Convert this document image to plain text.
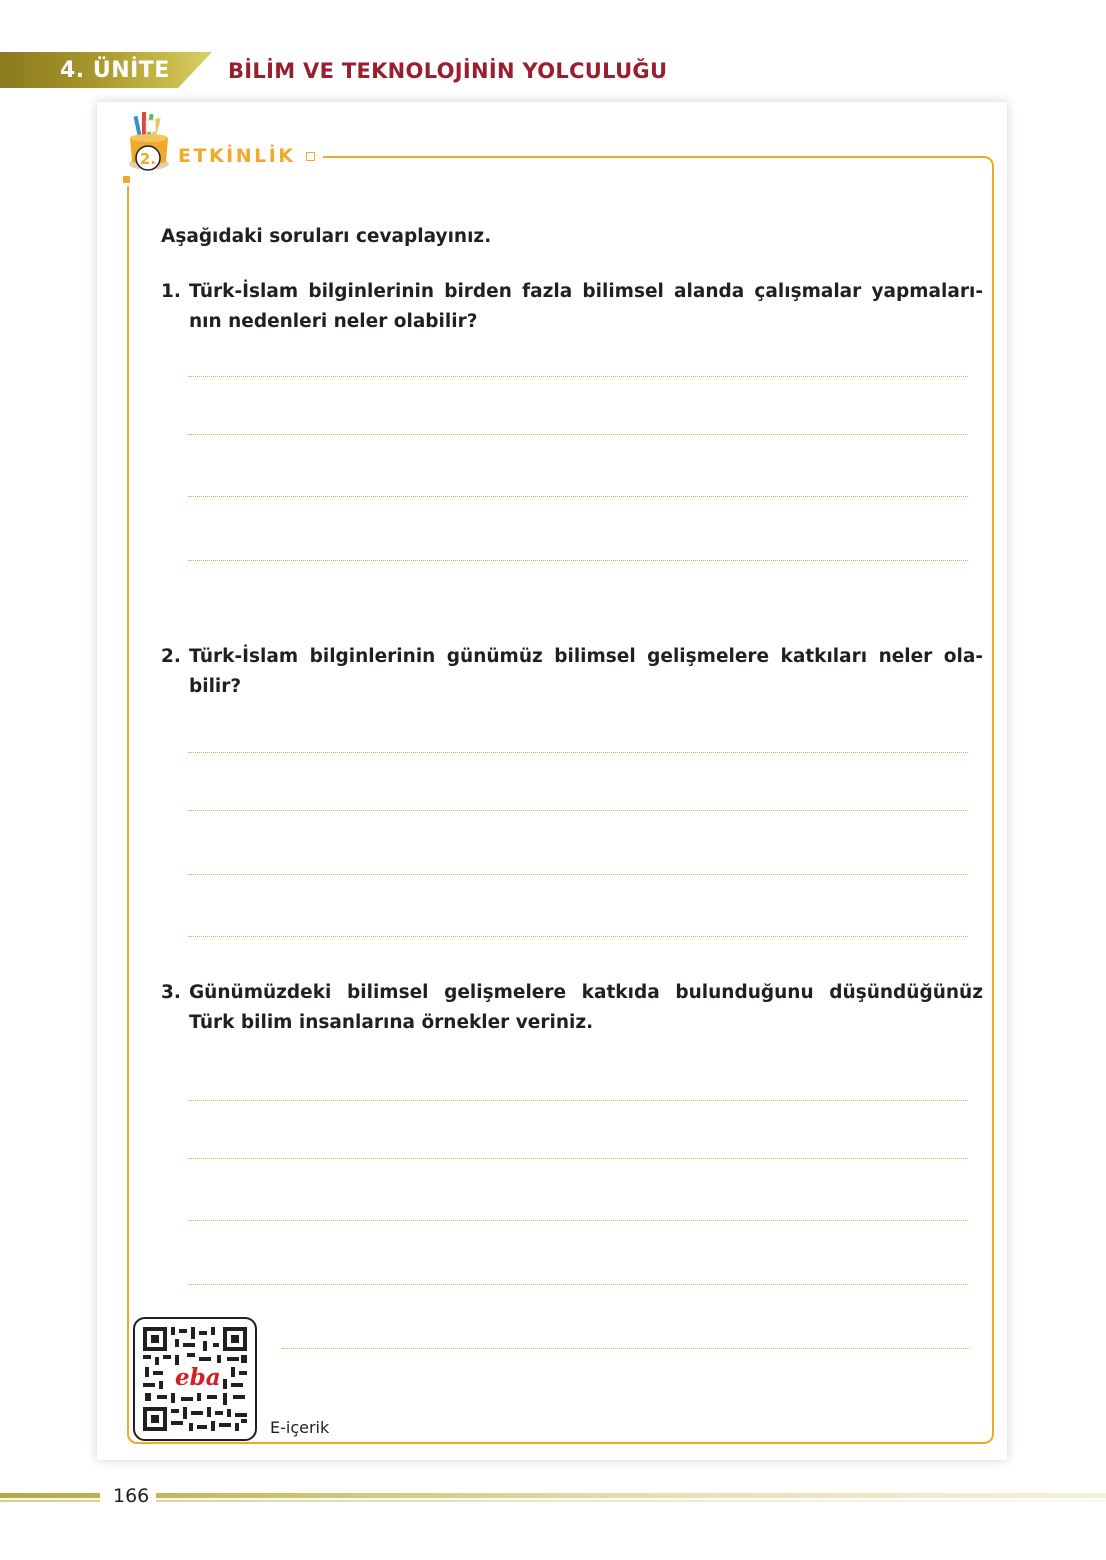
4. ÜNİTE	BİLİM VE TEKNOLOJİNİN YOLCULUĞU
2. ETKİNLİK
Aşağıdaki soruları cevaplayınız.
1. Türk-İslam bilginlerinin birden fazla bilimsel alanda çalışmalar yapmaları-nın nedenleri neler olabilir?
2. Türk-İslam bilginlerinin günümüz bilimsel gelişmelere katkıları neler ola-bilir?
3. Günümüzdeki bilimsel gelişmelere katkıda bulunduğunu düşündüğünüz Türk bilim insanlarına örnekler veriniz.
eba
E-içerik
166
